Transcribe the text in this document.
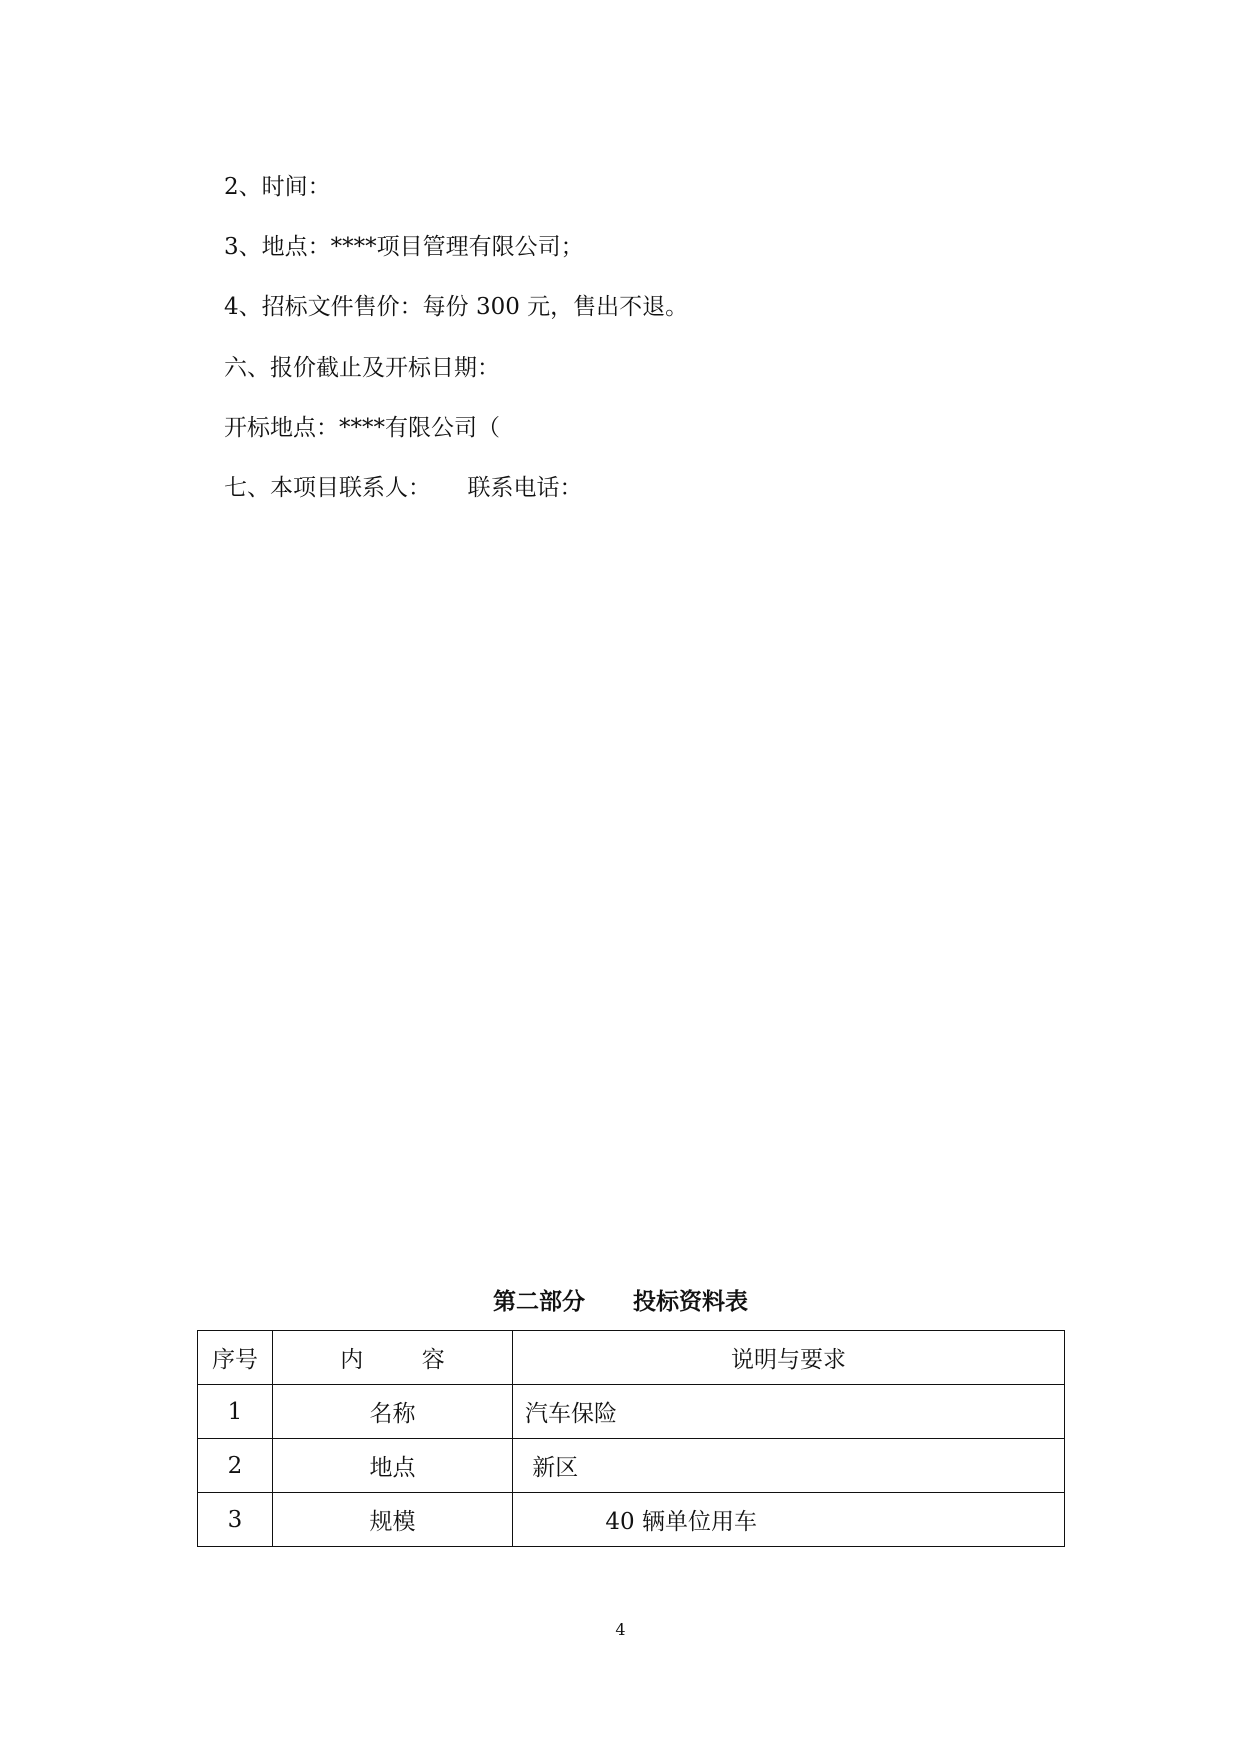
2、时间：

3、地点：****项目管理有限公司；

4、招标文件售价：每份 300 元，售出不退。

六、报价截止及开标日期：

开标地点：****有限公司（

七、本项目联系人：     联系电话：

第二部分      投标资料表

序号	内        容	说明与要求
1	名称	汽车保险
2	地点	新区
3	规模	40 辆单位用车

4
